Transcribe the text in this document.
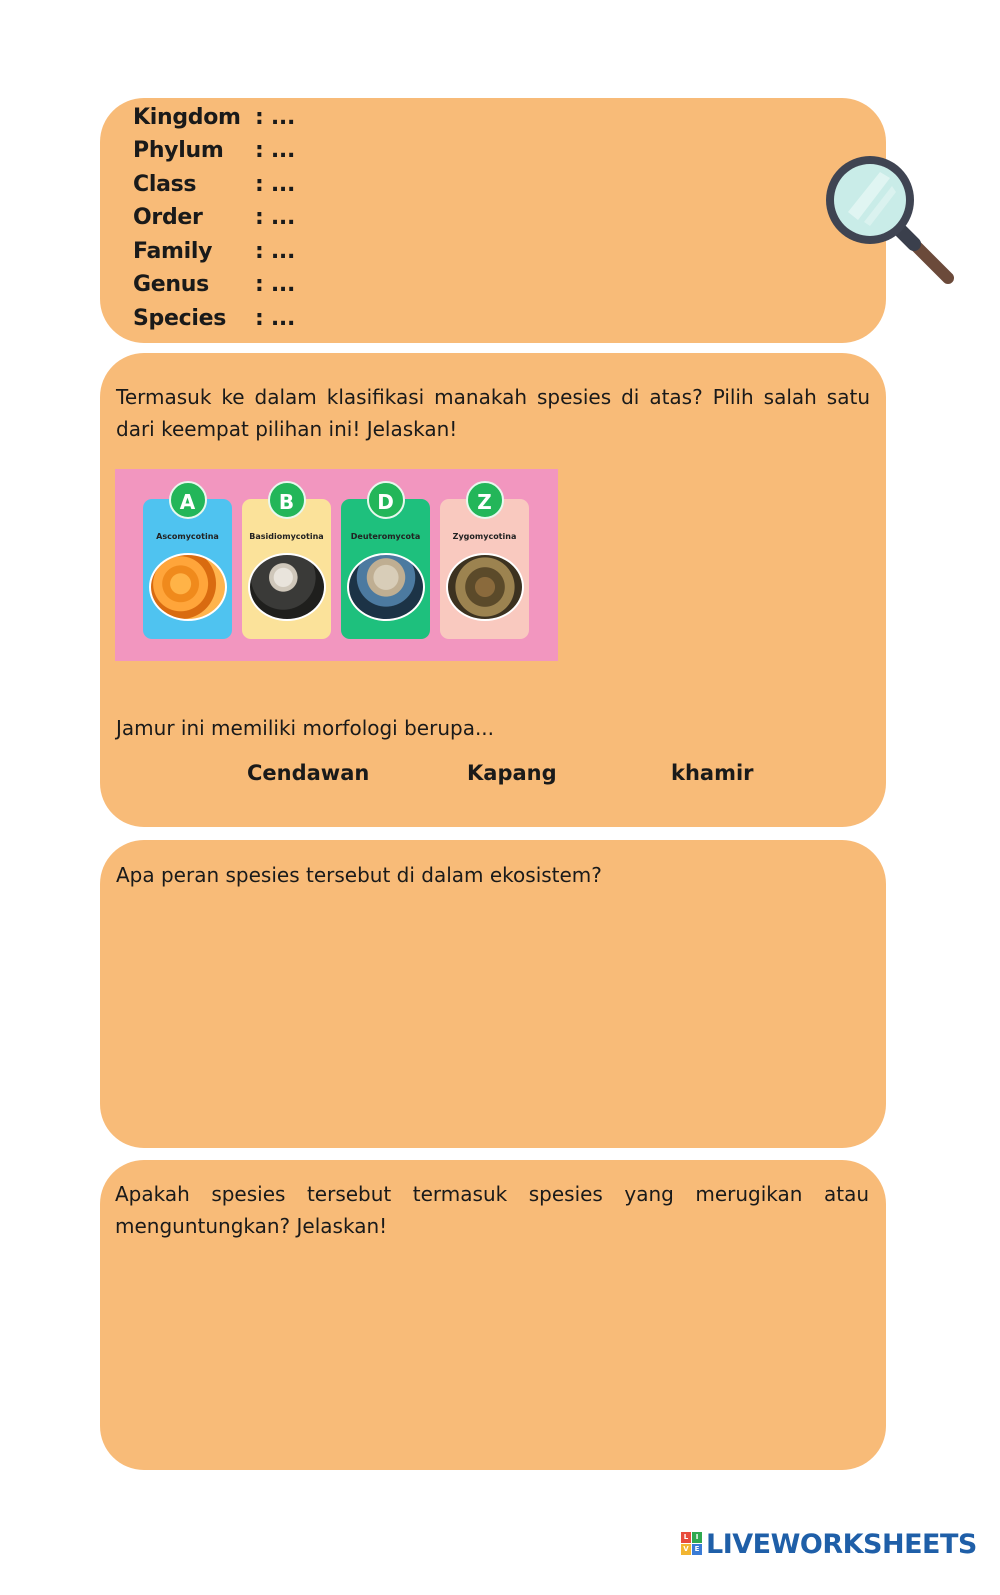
Kingdom : ...
Phylum	: ...
Class	: ...
Order	: ...
Family	: ...
Genus	: ...
Species	: ...
Termasuk ke dalam klasifikasi manakah spesies di atas? Pilih salah satu dari keempat pilihan ini! Jelaskan!
A
Ascomycotina
B
Basidiomycotina
D
Deuteromycota
Z
Zygomycotina
Jamur ini memiliki morfologi berupa...
Cendawan	Kapang	khamir
Apa peran spesies tersebut di dalam ekosistem?
Apakah spesies tersebut termasuk spesies yang merugikan atau menguntungkan? Jelaskan!
L	I
V E LIVEWORKSHEETS
